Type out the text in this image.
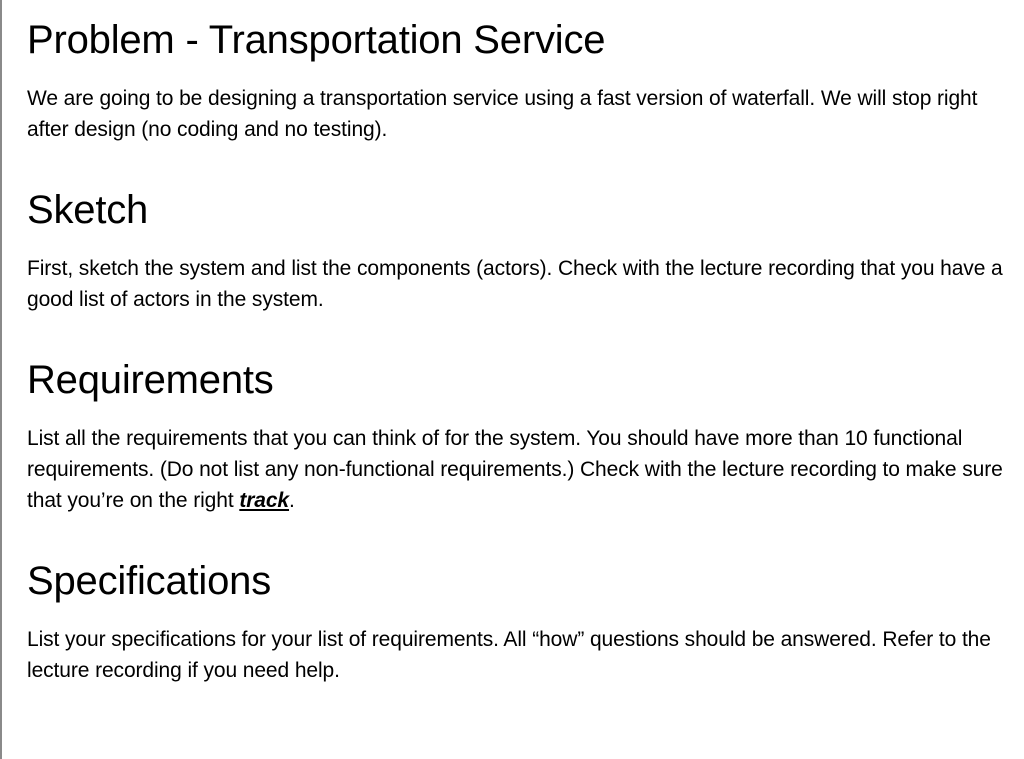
Problem - Transportation Service

We are going to be designing a transportation service using a fast version of waterfall. We will stop right after design (no coding and no testing).

Sketch

First, sketch the system and list the components (actors). Check with the lecture recording that you have a good list of actors in the system.

Requirements

List all the requirements that you can think of for the system. You should have more than 10 functional requirements. (Do not list any non-functional requirements.) Check with the lecture recording to make sure that you’re on the right track.

Specifications

List your specifications for your list of requirements. All “how” questions should be answered. Refer to the lecture recording if you need help.
